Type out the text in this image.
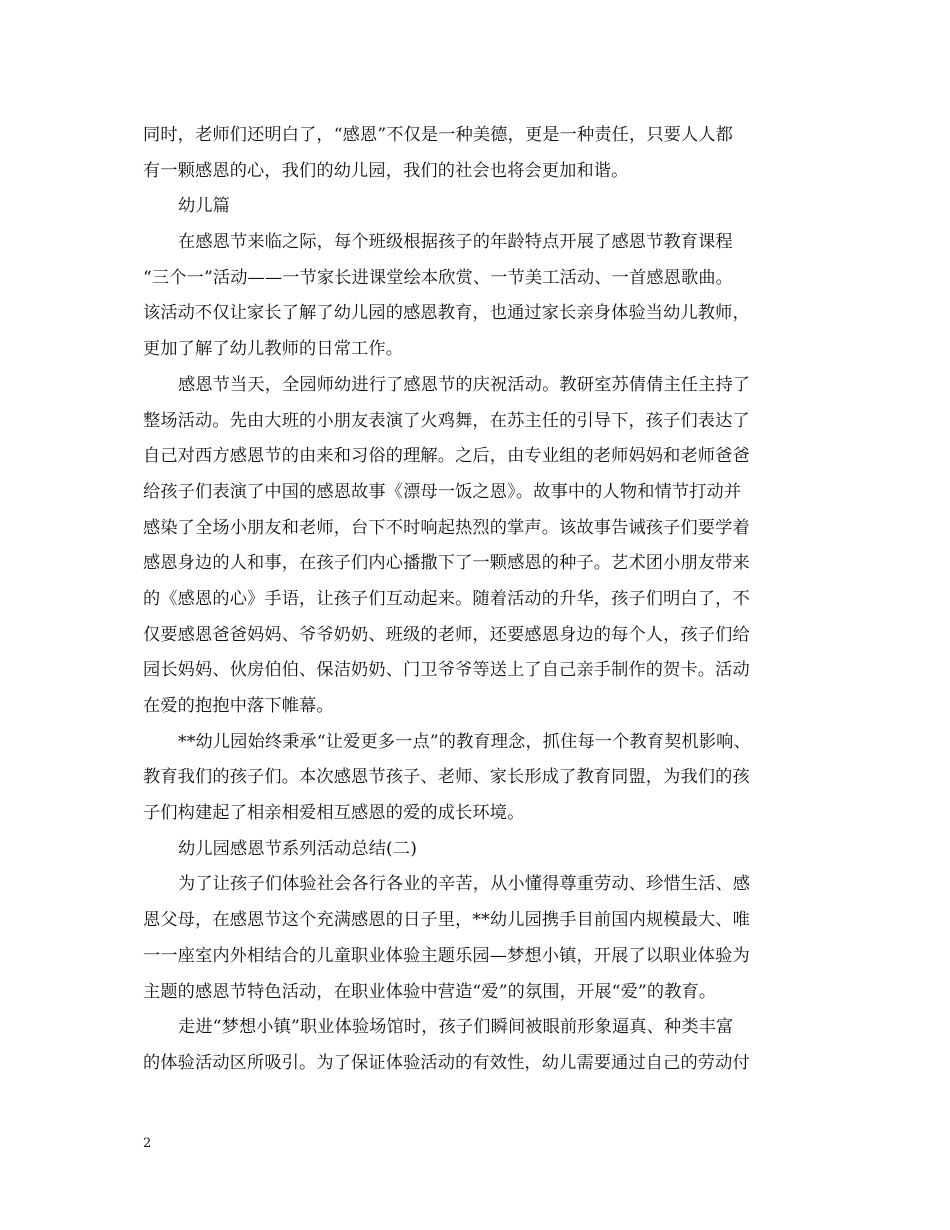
同时，老师们还明白了，“感恩”不仅是一种美德，更是一种责任，只要人人都
有一颗感恩的心，我们的幼儿园，我们的社会也将会更加和谐。
幼儿篇
在感恩节来临之际，每个班级根据孩子的年龄特点开展了感恩节教育课程
“三个一”活动——一节家长进课堂绘本欣赏、一节美工活动、一首感恩歌曲。
该活动不仅让家长了解了幼儿园的感恩教育，也通过家长亲身体验当幼儿教师，
更加了解了幼儿教师的日常工作。
感恩节当天，全园师幼进行了感恩节的庆祝活动。教研室苏倩倩主任主持了
整场活动。先由大班的小朋友表演了火鸡舞，在苏主任的引导下，孩子们表达了
自己对西方感恩节的由来和习俗的理解。之后，由专业组的老师妈妈和老师爸爸
给孩子们表演了中国的感恩故事《漂母一饭之恩》。故事中的人物和情节打动并
感染了全场小朋友和老师，台下不时响起热烈的掌声。该故事告诫孩子们要学着
感恩身边的人和事，在孩子们内心播撒下了一颗感恩的种子。艺术团小朋友带来
的《感恩的心》手语，让孩子们互动起来。随着活动的升华，孩子们明白了，不
仅要感恩爸爸妈妈、爷爷奶奶、班级的老师，还要感恩身边的每个人，孩子们给
园长妈妈、伙房伯伯、保洁奶奶、门卫爷爷等送上了自己亲手制作的贺卡。活动
在爱的抱抱中落下帷幕。
**幼儿园始终秉承“让爱更多一点”的教育理念，抓住每一个教育契机影响、
教育我们的孩子们。本次感恩节孩子、老师、家长形成了教育同盟，为我们的孩
子们构建起了相亲相爱相互感恩的爱的成长环境。
幼儿园感恩节系列活动总结(二)
为了让孩子们体验社会各行各业的辛苦，从小懂得尊重劳动、珍惜生活、感
恩父母，在感恩节这个充满感恩的日子里，**幼儿园携手目前国内规模最大、唯
一一座室内外相结合的儿童职业体验主题乐园—梦想小镇，开展了以职业体验为
主题的感恩节特色活动，在职业体验中营造“爱”的氛围，开展“爱”的教育。
走进“梦想小镇”职业体验场馆时，孩子们瞬间被眼前形象逼真、种类丰富
的体验活动区所吸引。为了保证体验活动的有效性，幼儿需要通过自己的劳动付
2
